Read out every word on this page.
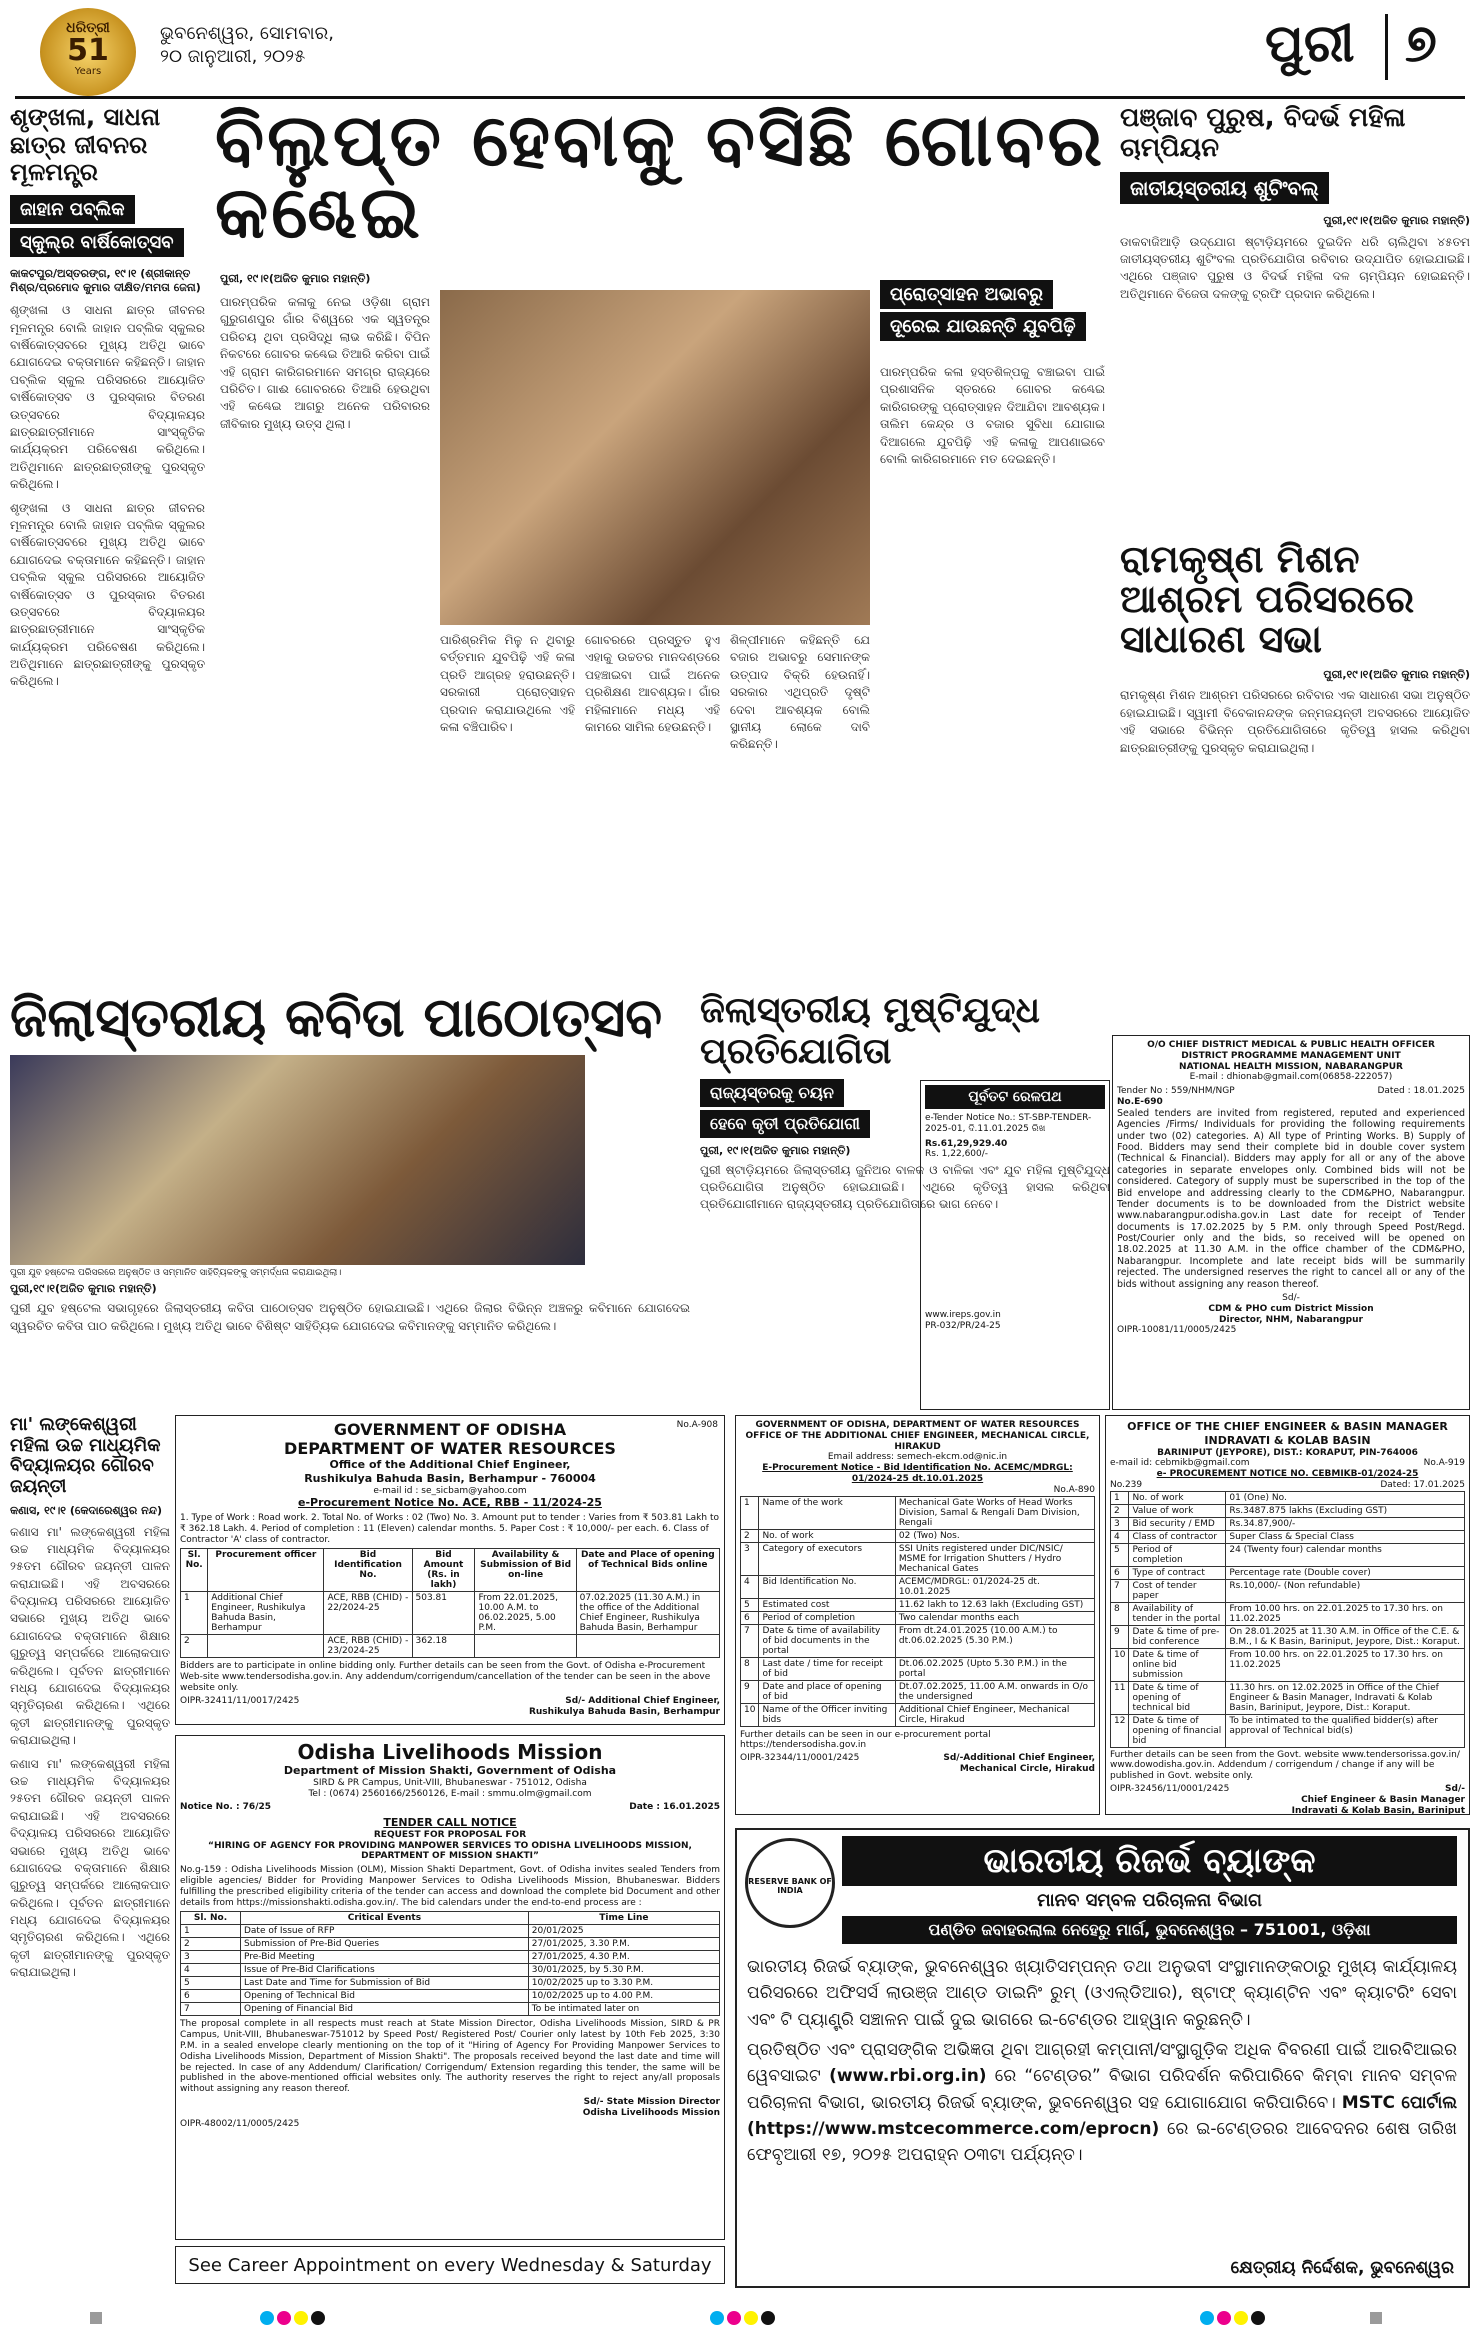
ଧରିତ୍ରୀ
51
Years
ଭୁବନେଶ୍ୱର, ସୋମବାର,
୨୦ ଜାନୁଆରୀ, ୨୦୨୫	ପୁରୀ ୭
ଶୃଙ୍ଖଳା, ସାଧନା ଛାତ୍ର ଜୀବନର ମୂଳମନ୍ତ୍ର
ଜାହାନ ପବ୍ଲିକ ସ୍କୁଲ୍‌ର ବାର୍ଷିକୋତ୍ସବ
କାକଟପୁର/ଅସ୍ତରଙ୍ଗ, ୧୯।୧ (ଶ୍ରୀକାନ୍ତ ମିଶ୍ର/ପ୍ରମୋଦ କୁମାର ଦୀକ୍ଷିତ/ମମତା ଜେନା)
ଶୃଙ୍ଖଳା ଓ ସାଧନା ଛାତ୍ର ଜୀବନର ମୂଳମନ୍ତ୍ର ବୋଲି ଜାହାନ ପବ୍ଲିକ ସ୍କୁଲର ବାର୍ଷିକୋତ୍ସବରେ ମୁଖ୍ୟ ଅତିଥି ଭାବେ ଯୋଗଦେଇ ବକ୍ତାମାନେ କହିଛନ୍ତି। ଜାହାନ ପବ୍ଲିକ ସ୍କୁଲ ପରିସରରେ ଆୟୋଜିତ ବାର୍ଷିକୋତ୍ସବ ଓ ପୁରସ୍କାର ବିତରଣ ଉତ୍ସବରେ ବିଦ୍ୟାଳୟର ଛାତ୍ରଛାତ୍ରୀମାନେ ସାଂସ୍କୃତିକ କାର୍ଯ୍ୟକ୍ରମ ପରିବେଷଣ କରିଥିଲେ। ଅତିଥିମାନେ ଛାତ୍ରଛାତ୍ରୀଙ୍କୁ ପୁରସ୍କୃତ କରିଥିଲେ।
ଶୃଙ୍ଖଳା ଓ ସାଧନା ଛାତ୍ର ଜୀବନର ମୂଳମନ୍ତ୍ର ବୋଲି ଜାହାନ ପବ୍ଲିକ ସ୍କୁଲର ବାର୍ଷିକୋତ୍ସବରେ ମୁଖ୍ୟ ଅତିଥି ଭାବେ ଯୋଗଦେଇ ବକ୍ତାମାନେ କହିଛନ୍ତି। ଜାହାନ ପବ୍ଲିକ ସ୍କୁଲ ପରିସରରେ ଆୟୋଜିତ ବାର୍ଷିକୋତ୍ସବ ଓ ପୁରସ୍କାର ବିତରଣ ଉତ୍ସବରେ ବିଦ୍ୟାଳୟର ଛାତ୍ରଛାତ୍ରୀମାନେ ସାଂସ୍କୃତିକ କାର୍ଯ୍ୟକ୍ରମ ପରିବେଷଣ କରିଥିଲେ। ଅତିଥିମାନେ ଛାତ୍ରଛାତ୍ରୀଙ୍କୁ ପୁରସ୍କୃତ କରିଥିଲେ।
ବିଲୁପ୍ତ ହେବାକୁ ବସିଛି ଗୋବର କଣ୍ଢେଇ
ପୁରୀ, ୧୯।୧(ଅଜିତ କୁମାର ମହାନ୍ତି)
ପ୍ରୋତ୍ସାହନ ଅଭାବରୁ
ଦୂରେଇ ଯାଉଛନ୍ତି ଯୁବପିଢ଼ି
ପାରମ୍ପରିକ କଳାକୁ ନେଇ ଓଡ଼ିଶା ଗ୍ରାମ ଗୁରୁଗଣପୁର ଗାଁର ବିଶ୍ୱରେ ଏକ ସ୍ୱତନ୍ତ୍ର ପରିଚୟ ଥିବା ପ୍ରସିଦ୍ଧି ଲାଭ କରିଛି। ବିପିନ ନିକଟରେ ଗୋବର କଣ୍ଢେଇ ତିଆରି କରିବା ପାଇଁ ଏହି ଗ୍ରାମ କାରିଗରମାନେ ସମଗ୍ର ରାଜ୍ୟରେ ପରିଚିତ। ଗାଈ ଗୋବରରେ ତିଆରି ହେଉଥିବା ଏହି କଣ୍ଢେଇ ଆଗରୁ ଅନେକ ପରିବାରର ଜୀବିକାର ମୁଖ୍ୟ ଉତ୍ସ ଥିଲା।
ପାରମ୍ପରିକ କଳା ହସ୍ତଶିଳ୍ପକୁ ବଞ୍ଚାଇବା ପାଇଁ ପ୍ରଶାସନିକ ସ୍ତରରେ ଗୋବର କଣ୍ଢେଇ କାରିଗରଙ୍କୁ ପ୍ରୋତ୍ସାହନ ଦିଆଯିବା ଆବଶ୍ୟକ। ତାଲିମ କେନ୍ଦ୍ର ଓ ବଜାର ସୁବିଧା ଯୋଗାଇ ଦିଆଗଲେ ଯୁବପିଢ଼ି ଏହି କଳାକୁ ଆପଣାଇବେ ବୋଲି କାରିଗରମାନେ ମତ ଦେଇଛନ୍ତି।
ପାରିଶ୍ରମିକ ମିଳୁ ନ ଥିବାରୁ ବର୍ତ୍ତମାନ ଯୁବପିଢ଼ି ଏହି କଳା ପ୍ରତି ଆଗ୍ରହ ହରାଉଛନ୍ତି। ସରକାରୀ ପ୍ରୋତ୍ସାହନ ପ୍ରଦାନ କରାଯାଉଥିଲେ ଏହି କଳା ବଞ୍ଚିପାରିବ।
ଗୋବରରେ ପ୍ରସ୍ତୁତ ହୁଏ ଏହାକୁ ଉଚ୍ଚତର ମାନଦଣ୍ଡରେ ପହଞ୍ଚାଇବା ପାଇଁ ଅନେକ ପ୍ରଶିକ୍ଷଣ ଆବଶ୍ୟକ। ଗାଁର ମହିଳାମାନେ ମଧ୍ୟ ଏହି କାମରେ ସାମିଲ ହେଉଛନ୍ତି।
ଶିଳ୍ପୀମାନେ କହିଛନ୍ତି ଯେ ବଜାର ଅଭାବରୁ ସେମାନଙ୍କ ଉତ୍ପାଦ ବିକ୍ରି ହେଉନାହିଁ। ସରକାର ଏଥିପ୍ରତି ଦୃଷ୍ଟି ଦେବା ଆବଶ୍ୟକ ବୋଲି ସ୍ଥାନୀୟ ଲୋକେ ଦାବି କରିଛନ୍ତି।
ପଞ୍ଜାବ ପୁରୁଷ, ବିଦର୍ଭ ମହିଳା ଚାମ୍ପିୟନ
ଜାତୀୟସ୍ତରୀୟ ଶୁଟିଂବଲ୍‌
ପୁରୀ,୧୯।୧(ଅଜିତ କୁମାର ମହାନ୍ତି)
ଡାକବାଜିଆଡ଼ି ଉଦ୍‌ଯୋଗ ଷ୍ଟାଡ଼ିୟମରେ ଦୁଇଦିନ ଧରି ଚାଲିଥିବା ୪୫ତମ ଜାତୀୟସ୍ତରୀୟ ଶୁଟିଂବଲ ପ୍ରତିଯୋଗିତା ରବିବାର ଉଦ୍‌ଯାପିତ ହୋଇଯାଇଛି। ଏଥିରେ ପଞ୍ଜାବ ପୁରୁଷ ଓ ବିଦର୍ଭ ମହିଳା ଦଳ ଚାମ୍ପିୟନ ହୋଇଛନ୍ତି। ଅତିଥିମାନେ ବିଜେତା ଦଳଙ୍କୁ ଟ୍ରଫି ପ୍ରଦାନ କରିଥିଲେ।
ରାମକୃଷ୍ଣ ମିଶନ ଆଶ୍ରମ ପରିସରରେ ସାଧାରଣ ସଭା
ପୁରୀ,୧୯।୧(ଅଜିତ କୁମାର ମହାନ୍ତି)
ରାମକୃଷ୍ଣ ମିଶନ ଆଶ୍ରମ ପରିସରରେ ରବିବାର ଏକ ସାଧାରଣ ସଭା ଅନୁଷ୍ଠିତ ହୋଇଯାଇଛି। ସ୍ୱାମୀ ବିବେକାନନ୍ଦଙ୍କ ଜନ୍ମଜୟନ୍ତୀ ଅବସରରେ ଆୟୋଜିତ ଏହି ସଭାରେ ବିଭିନ୍ନ ପ୍ରତିଯୋଗିତାରେ କୃତିତ୍ୱ ହାସଲ କରିଥିବା ଛାତ୍ରଛାତ୍ରୀଙ୍କୁ ପୁରସ୍କୃତ କରାଯାଇଥିଲା।
ଜିଲାସ୍ତରୀୟ କବିତା ପାଠୋତ୍ସବ
ପୁରୀ ଯୁବ ହଷ୍ଟେଲ ପରିସରରେ ଅନୁଷ୍ଠିତ ଓ ସମ୍ମାନିତ ସାହିତ୍ୟିକଙ୍କୁ ସମ୍ମର୍ଦ୍ଧନା କରାଯାଇଥିଲା।
ପୁରୀ,୧୯।୧(ଅଜିତ କୁମାର ମହାନ୍ତି)
ପୁରୀ ଯୁବ ହଷ୍ଟେଲ ସଭାଗୃହରେ ଜିଲାସ୍ତରୀୟ କବିତା ପାଠୋତ୍ସବ ଅନୁଷ୍ଠିତ ହୋଇଯାଇଛି। ଏଥିରେ ଜିଲାର ବିଭିନ୍ନ ଅଞ୍ଚଳରୁ କବିମାନେ ଯୋଗଦେଇ ସ୍ୱରଚିତ କବିତା ପାଠ କରିଥିଲେ। ମୁଖ୍ୟ ଅତିଥି ଭାବେ ବିଶିଷ୍ଟ ସାହିତ୍ୟିକ ଯୋଗଦେଇ କବିମାନଙ୍କୁ ସମ୍ମାନିତ କରିଥିଲେ।
ଜିଲାସ୍ତରୀୟ ମୁଷ୍ଟିଯୁଦ୍ଧ ପ୍ରତିଯୋଗିତା
ରାଜ୍ୟସ୍ତରକୁ ଚୟନ
ହେବେ କୃତୀ ପ୍ରତିଯୋଗୀ
ପୁରୀ, ୧୯।୧(ଅଜିତ କୁମାର ମହାନ୍ତି)
ପୁରୀ ଷ୍ଟାଡ଼ିୟମରେ ଜିଲାସ୍ତରୀୟ ଜୁନିଅର ବାଳକ ଓ ବାଳିକା ଏବଂ ଯୁବ ମହିଳା ମୁଷ୍ଟିଯୁଦ୍ଧ ପ୍ରତିଯୋଗିତା ଅନୁଷ୍ଠିତ ହୋଇଯାଇଛି। ଏଥିରେ କୃତିତ୍ୱ ହାସଲ କରିଥିବା ପ୍ରତିଯୋଗୀମାନେ ରାଜ୍ୟସ୍ତରୀୟ ପ୍ରତିଯୋଗିତାରେ ଭାଗ ନେବେ।
ପୂର୍ବତଟ ରେଳପଥ
e-Tender Notice No.: ST-SBP-TENDER-2025-01, ଦି.11.01.2025 ରିଖ
Rs.61,29,929.40
Rs. 1,22,600/-
www.ireps.gov.in
PR-032/PR/24-25
O/O CHIEF DISTRICT MEDICAL & PUBLIC HEALTH OFFICER
DISTRICT PROGRAMME MANAGEMENT UNIT
NATIONAL HEALTH MISSION, NABARANGPUR
E-mail : dhionab@gmail.com(06858-222057)
Tender No : 559/NHM/NGP	Dated : 18.01.2025
No.E-690
Sealed tenders are invited from registered, reputed and experienced Agencies /Firms/ Individuals for providing the following requirements under two (02) categories. A) All type of Printing Works. B) Supply of Food. Bidders may send their complete bid in double cover system (Technical & Financial). Bidders may apply for all or any of the above categories in separate envelopes only. Combined bids will not be considered. Category of supply must be superscribed in the top of the Bid envelope and addressing clearly to the CDM&PHO, Nabarangpur. Tender documents is to be downloaded from the District website www.nabarangpur.odisha.gov.in Last date for receipt of Tender documents is 17.02.2025 by 5 P.M. only through Speed Post/Regd. Post/Courier only and the bids, so received will be opened on 18.02.2025 at 11.30 A.M. in the office chamber of the CDM&PHO, Nabarangpur. Incomplete and late receipt bids will be summarily rejected. The undersigned reserves the right to cancel all or any of the bids without assigning any reason thereof.
Sd/-
CDM & PHO cum District Mission
Director, NHM, Nabarangpur
OIPR-10081/11/0005/2425
ମା' ଲଙ୍କେଶ୍ୱରୀ ମହିଳା ଉଚ୍ଚ ମାଧ୍ୟମିକ ବିଦ୍ୟାଳୟର ଗୌରବ ଜୟନ୍ତୀ
କଣାସ, ୧୯।୧ (କେଦାରେଶ୍ୱର ନନ୍ଦ)
କଣାସ ମା' ଲଙ୍କେଶ୍ୱରୀ ମହିଳା ଉଚ୍ଚ ମାଧ୍ୟମିକ ବିଦ୍ୟାଳୟର ୨୫ତମ ଗୌରବ ଜୟନ୍ତୀ ପାଳନ କରାଯାଇଛି। ଏହି ଅବସରରେ ବିଦ୍ୟାଳୟ ପରିସରରେ ଆୟୋଜିତ ସଭାରେ ମୁଖ୍ୟ ଅତିଥି ଭାବେ ଯୋଗଦେଇ ବକ୍ତାମାନେ ଶିକ୍ଷାର ଗୁରୁତ୍ୱ ସମ୍ପର୍କରେ ଆଲୋକପାତ କରିଥିଲେ। ପୂର୍ବତନ ଛାତ୍ରୀମାନେ ମଧ୍ୟ ଯୋଗଦେଇ ବିଦ୍ୟାଳୟର ସ୍ମୃତିଚାରଣ କରିଥିଲେ। ଏଥିରେ କୃତୀ ଛାତ୍ରୀମାନଙ୍କୁ ପୁରସ୍କୃତ କରାଯାଇଥିଲା।
କଣାସ ମା' ଲଙ୍କେଶ୍ୱରୀ ମହିଳା ଉଚ୍ଚ ମାଧ୍ୟମିକ ବିଦ୍ୟାଳୟର ୨୫ତମ ଗୌରବ ଜୟନ୍ତୀ ପାଳନ କରାଯାଇଛି। ଏହି ଅବସରରେ ବିଦ୍ୟାଳୟ ପରିସରରେ ଆୟୋଜିତ ସଭାରେ ମୁଖ୍ୟ ଅତିଥି ଭାବେ ଯୋଗଦେଇ ବକ୍ତାମାନେ ଶିକ୍ଷାର ଗୁରୁତ୍ୱ ସମ୍ପର୍କରେ ଆଲୋକପାତ କରିଥିଲେ। ପୂର୍ବତନ ଛାତ୍ରୀମାନେ ମଧ୍ୟ ଯୋଗଦେଇ ବିଦ୍ୟାଳୟର ସ୍ମୃତିଚାରଣ କରିଥିଲେ। ଏଥିରେ କୃତୀ ଛାତ୍ରୀମାନଙ୍କୁ ପୁରସ୍କୃତ କରାଯାଇଥିଲା।
No.A-908
GOVERNMENT OF ODISHA
DEPARTMENT OF WATER RESOURCES
Office of the Additional Chief Engineer,
Rushikulya Bahuda Basin, Berhampur - 760004
e-mail id : se_sicbam@yahoo.com
e-Procurement Notice No. ACE, RBB - 11/2024-25
1. Type of Work : Road work. 2. Total No. of Works : 02 (Two) No. 3. Amount put to tender : Varies from ₹ 503.81 Lakh to ₹ 362.18 Lakh. 4. Period of completion : 11 (Eleven) calendar months. 5. Paper Cost : ₹ 10,000/- per each. 6. Class of Contractor 'A' class of contractor.
Sl. No.	Procurement officer	Bid Identification No.	Bid Amount (Rs. in lakh)	Availability & Submission of Bid on-line	Date and Place of opening of Technical Bids online
1	Additional Chief Engineer, Rushikulya Bahuda Basin, Berhampur	ACE, RBB (CHID) - 22/2024-25	503.81	From 22.01.2025, 10.00 A.M. to 06.02.2025, 5.00 P.M.	07.02.2025 (11.30 A.M.) in the office of the Additional Chief Engineer, Rushikulya Bahuda Basin, Berhampur
2		ACE, RBB (CHID) - 23/2024-25	362.18		
Bidders are to participate in online bidding only. Further details can be seen from the Govt. of Odisha e-Procurement Web-site www.tendersodisha.gov.in. Any addendum/corrigendum/cancellation of the tender can be seen in the above website only.
OIPR-32411/11/0017/2425	Sd/- Additional Chief Engineer,
Rushikulya Bahuda Basin, Berhampur
GOVERNMENT OF ODISHA, DEPARTMENT OF WATER RESOURCES
OFFICE OF THE ADDITIONAL CHIEF ENGINEER, MECHANICAL CIRCLE, HIRAKUD
Email address: semech-ekcm.od@nic.in
E-Procurement Notice - Bid Identification No. ACEMC/MDRGL: 01/2024-25 dt.10.01.2025
No.A-890
1	Name of the work	Mechanical Gate Works of Head Works Division, Samal & Rengali Dam Division, Rengali
2	No. of work	02 (Two) Nos.
3	Category of executors	SSI Units registered under DIC/NSIC/ MSME for Irrigation Shutters / Hydro Mechanical Gates
4	Bid Identification No.	ACEMC/MDRGL: 01/2024-25 dt. 10.01.2025
5	Estimated cost	11.62 lakh to 12.63 lakh (Excluding GST)
6	Period of completion	Two calendar months each
7	Date & time of availability of bid documents in the portal	From dt.24.01.2025 (10.00 A.M.) to dt.06.02.2025 (5.30 P.M.)
8	Last date / time for receipt of bid	Dt.06.02.2025 (Upto 5.30 P.M.) in the portal
9	Date and place of opening of bid	Dt.07.02.2025, 11.00 A.M. onwards in O/o the undersigned
10	Name of the Officer inviting bids	Additional Chief Engineer, Mechanical Circle, Hirakud
Further details can be seen in our e-procurement portal https://tendersodisha.gov.in
OIPR-32344/11/0001/2425	Sd/-Additional Chief Engineer,
Mechanical Circle, Hirakud
OFFICE OF THE CHIEF ENGINEER & BASIN MANAGER
INDRAVATI & KOLAB BASIN
BARINIPUT (JEYPORE), DIST.: KORAPUT, PIN-764006
e-mail id: cebmikb@gmail.com	No.A-919
e- PROCUREMENT NOTICE NO. CEBMIKB-01/2024-25
No.239	Dated: 17.01.2025
1	No. of work	01 (One) No.
2	Value of work	Rs.3487.875 lakhs (Excluding GST)
3	Bid security / EMD	Rs.34.87,900/-
4	Class of contractor	Super Class & Special Class
5	Period of completion	24 (Twenty four) calendar months
6	Type of contract	Percentage rate (Double cover)
7	Cost of tender paper	Rs.10,000/- (Non refundable)
8	Availability of tender in the portal	From 10.00 hrs. on 22.01.2025 to 17.30 hrs. on 11.02.2025
9	Date & time of pre-bid conference	On 28.01.2025 at 11.30 A.M. in Office of the C.E. & B.M., I & K Basin, Bariniput, Jeypore, Dist.: Koraput.
10	Date & time of online bid submission	From 10.00 hrs. on 22.01.2025 to 17.30 hrs. on 11.02.2025
11	Date & time of opening of technical bid	11.30 hrs. on 12.02.2025 in Office of the Chief Engineer & Basin Manager, Indravati & Kolab Basin, Bariniput, Jeypore, Dist.: Koraput.
12	Date & time of opening of financial bid	To be intimated to the qualified bidder(s) after approval of Technical bid(s)
Further details can be seen from the Govt. website www.tendersorissa.gov.in/ www.dowodisha.gov.in. Addendum / corrigendum / change if any will be published in Govt. website only.
OIPR-32456/11/0001/2425	Sd/-
Chief Engineer & Basin Manager
Indravati & Kolab Basin, Bariniput
Odisha Livelihoods Mission
Department of Mission Shakti, Government of Odisha
SIRD & PR Campus, Unit-VIII, Bhubaneswar - 751012, Odisha
Tel : (0674) 2560166/2560126, E-mail : smmu.olm@gmail.com
Notice No. : 76/25	Date : 16.01.2025
TENDER CALL NOTICE
REQUEST FOR PROPOSAL FOR
“HIRING OF AGENCY FOR PROVIDING MANPOWER SERVICES TO ODISHA LIVELIHOODS MISSION, DEPARTMENT OF MISSION SHAKTI”
No.g-159 : Odisha Livelihoods Mission (OLM), Mission Shakti Department, Govt. of Odisha invites sealed Tenders from eligible agencies/ Bidder for Providing Manpower Services to Odisha Livelihoods Mission, Bhubaneswar. Bidders fulfilling the prescribed eligibility criteria of the tender can access and download the complete bid Document and other details from https://missionshakti.odisha.gov.in/. The bid calendars under the end-to-end process are :
Sl. No.	Critical Events	Time Line
1	Date of Issue of RFP	20/01/2025
2	Submission of Pre-Bid Queries	27/01/2025, 3.30 P.M.
3	Pre-Bid Meeting	27/01/2025, 4.30 P.M.
4	Issue of Pre-Bid Clarifications	30/01/2025, by 5.30 P.M.
5	Last Date and Time for Submission of Bid	10/02/2025 up to 3.30 P.M.
6	Opening of Technical Bid	10/02/2025 up to 4.00 P.M.
7	Opening of Financial Bid	To be intimated later on
The proposal complete in all respects must reach at State Mission Director, Odisha Livelihoods Mission, SIRD & PR Campus, Unit-VIII, Bhubaneswar-751012 by Speed Post/ Registered Post/ Courier only latest by 10th Feb 2025, 3:30 P.M. in a sealed envelope clearly mentioning on the top of it "Hiring of Agency For Providing Manpower Services to Odisha Livelihoods Mission, Department of Mission Shakti". The proposals received beyond the last date and time will be rejected. In case of any Addendum/ Clarification/ Corrigendum/ Extension regarding this tender, the same will be published in the above-mentioned official websites only. The authority reserves the right to reject any/all proposals without assigning any reason thereof.
Sd/- State Mission Director
Odisha Livelihoods Mission
OIPR-48002/11/0005/2425
See Career Appointment on every Wednesday & Saturday
RESERVE BANK OF INDIA
ଭାରତୀୟ ରିଜର୍ଭ ବ୍ୟାଙ୍କ
ମାନବ ସମ୍ବଳ ପରିଚାଳନା ବିଭାଗ
ପଣ୍ଡିତ ଜବାହରଲାଲ ନେହେରୁ ମାର୍ଗ, ଭୁବନେଶ୍ୱର – 751001, ଓଡ଼ିଶା
ଭାରତୀୟ ରିଜର୍ଭ ବ୍ୟାଙ୍କ, ଭୁବନେଶ୍ୱର ଖ୍ୟାତିସମ୍ପନ୍ନ ତଥା ଅନୁଭବୀ ସଂସ୍ଥାମାନଙ୍କଠାରୁ ମୁଖ୍ୟ କାର୍ଯ୍ୟାଳୟ ପରିସରରେ ଅଫିସର୍ସ ଲାଉଞ୍ଜ ଆଣ୍ଡ ଡାଇନିଂ ରୁମ୍ (ଓଏଲ୍‌ଡିଆର), ଷ୍ଟାଫ୍ କ୍ୟାଣ୍ଟିନ ଏବଂ କ୍ୟାଟରିଂ ସେବା ଏବଂ ଟି ପ୍ୟାଣ୍ଟ୍ରି ସଞ୍ଚାଳନ ପାଇଁ ଦୁଇ ଭାଗରେ ଇ-ଟେଣ୍ଡର ଆହ୍ୱାନ କରୁଛନ୍ତି।
ପ୍ରତିଷ୍ଠିତ ଏବଂ ପ୍ରାସଙ୍ଗିକ ଅଭିଜ୍ଞତା ଥିବା ଆଗ୍ରହୀ କମ୍ପାନୀ/ସଂସ୍ଥାଗୁଡ଼ିକ ଅଧିକ ବିବରଣୀ ପାଇଁ ଆରବିଆଇର ୱେବସାଇଟ (www.rbi.org.in) ରେ “ଟେଣ୍ଡର” ବିଭାଗ ପରିଦର୍ଶନ କରିପାରିବେ କିମ୍ବା ମାନବ ସମ୍ବଳ ପରିଚାଳନା ବିଭାଗ, ଭାରତୀୟ ରିଜର୍ଭ ବ୍ୟାଙ୍କ, ଭୁବନେଶ୍ୱର ସହ ଯୋଗାଯୋଗ କରିପାରିବେ। MSTC ପୋର୍ଟାଲ (https://www.mstcecommerce.com/eprocn) ରେ ଇ-ଟେଣ୍ଡରର ଆବେଦନର ଶେଷ ତାରିଖ ଫେବୃଆରୀ ୧୭, ୨୦୨୫ ଅପରାହ୍ନ ୦୩ଟା ପର୍ଯ୍ୟନ୍ତ।
କ୍ଷେତ୍ରୀୟ ନିର୍ଦ୍ଦେଶକ, ଭୁବନେଶ୍ୱର
